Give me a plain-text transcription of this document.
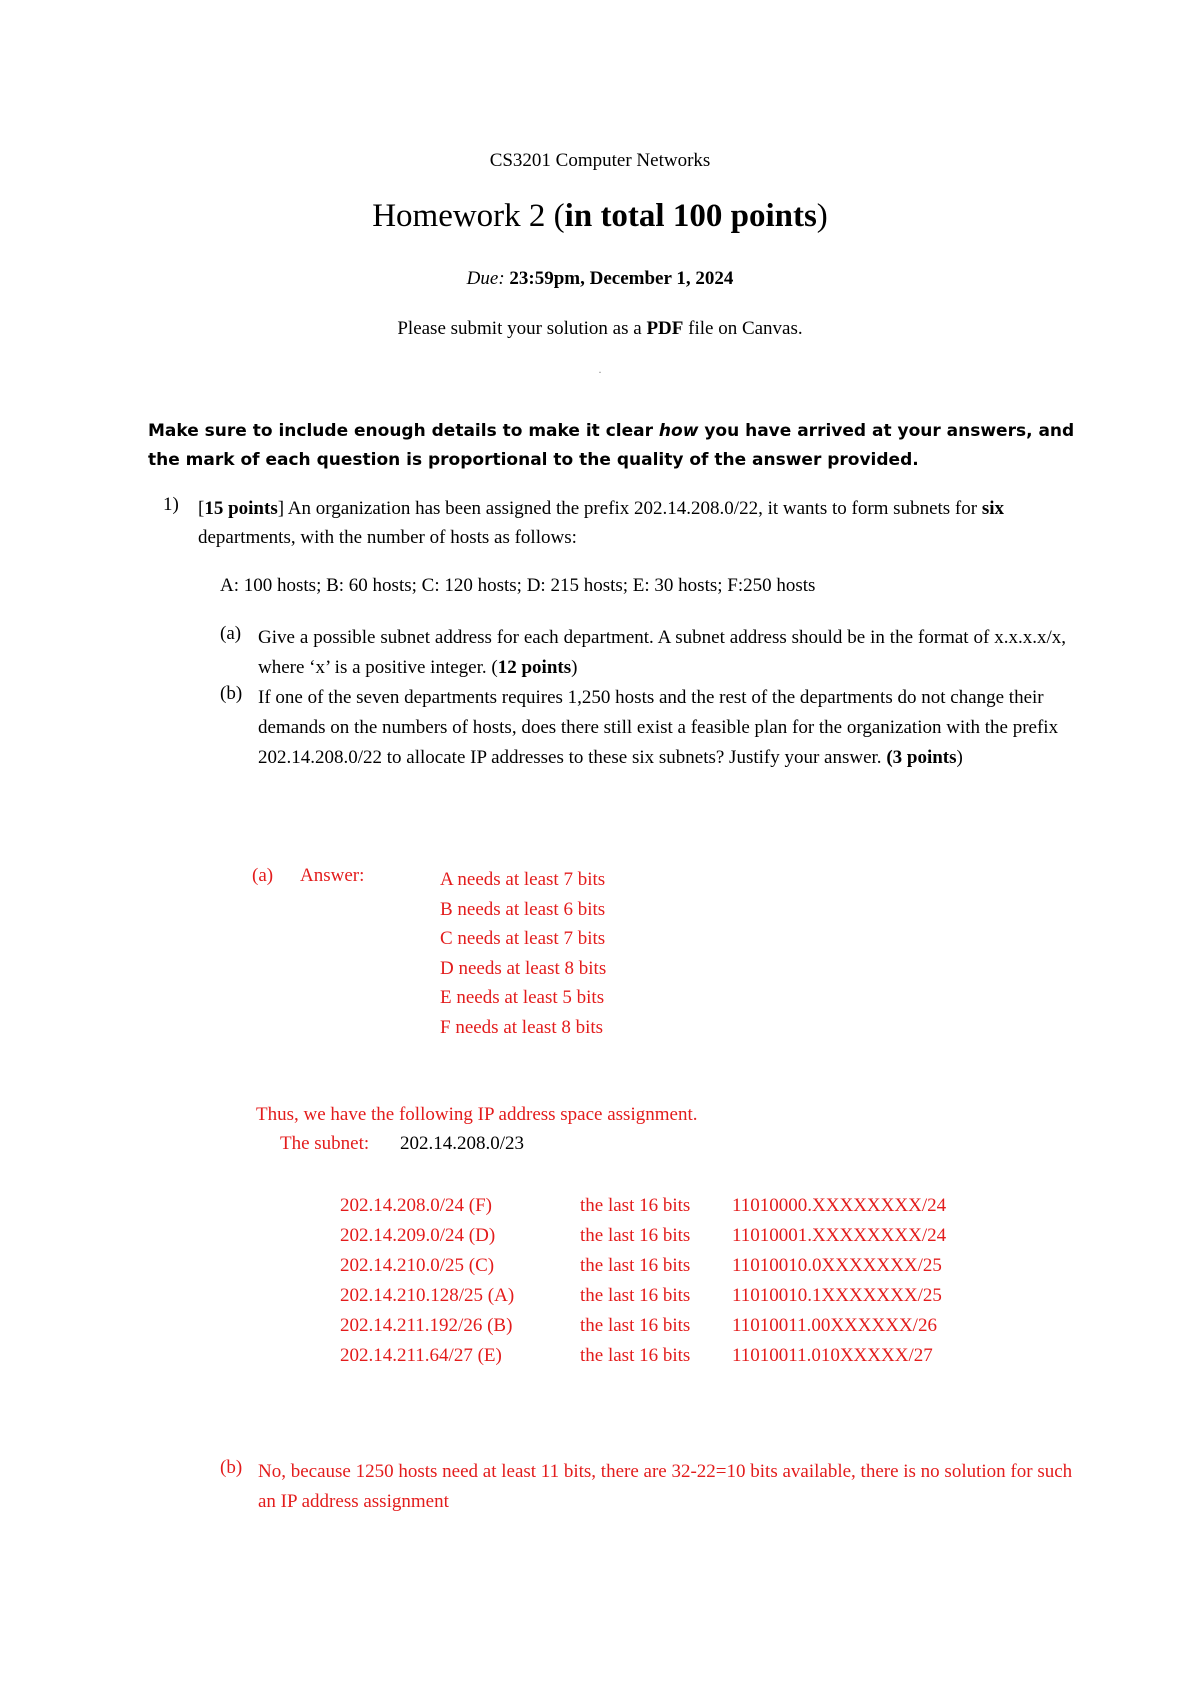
CS3201 Computer Networks
Homework 2 (in total 100 points)
Due: 23:59pm, December 1, 2024
Please submit your solution as a PDF file on Canvas.
.
Make sure to include enough details to make it clear how you have arrived at your answers, and the mark of each question is proportional to the quality of the answer provided.
1) [15 points] An organization has been assigned the prefix 202.14.208.0/22, it wants to form subnets for six departments, with the number of hosts as follows:
A: 100 hosts; B: 60 hosts; C: 120 hosts; D: 215 hosts; E: 30 hosts; F:250 hosts
(a) Give a possible subnet address for each department. A subnet address should be in the format of x.x.x.x/x, where ‘x’ is a positive integer. (12 points)
(b) If one of the seven departments requires 1,250 hosts and the rest of the departments do not change their demands on the numbers of hosts, does there still exist a feasible plan for the organization with the prefix 202.14.208.0/22 to allocate IP addresses to these six subnets? Justify your answer. (3 points)
(a) Answer:	A needs at least 7 bits
B needs at least 6 bits
C needs at least 7 bits
D needs at least 8 bits
E needs at least 5 bits
F needs at least 8 bits
Thus, we have the following IP address space assignment.
The subnet: 202.14.208.0/23
202.14.208.0/24 (F)	the last 16 bits 11010000.XXXXXXXX/24
202.14.209.0/24 (D)	the last 16 bits 11010001.XXXXXXXX/24
202.14.210.0/25 (C)	the last 16 bits 11010010.0XXXXXXX/25
202.14.210.128/25 (A)	the last 16 bits 11010010.1XXXXXXX/25
202.14.211.192/26 (B)	the last 16 bits 11010011.00XXXXXX/26
202.14.211.64/27 (E)	the last 16 bits 11010011.010XXXXX/27
(b) No, because 1250 hosts need at least 11 bits, there are 32-22=10 bits available, there is no solution for such an IP address assignment
